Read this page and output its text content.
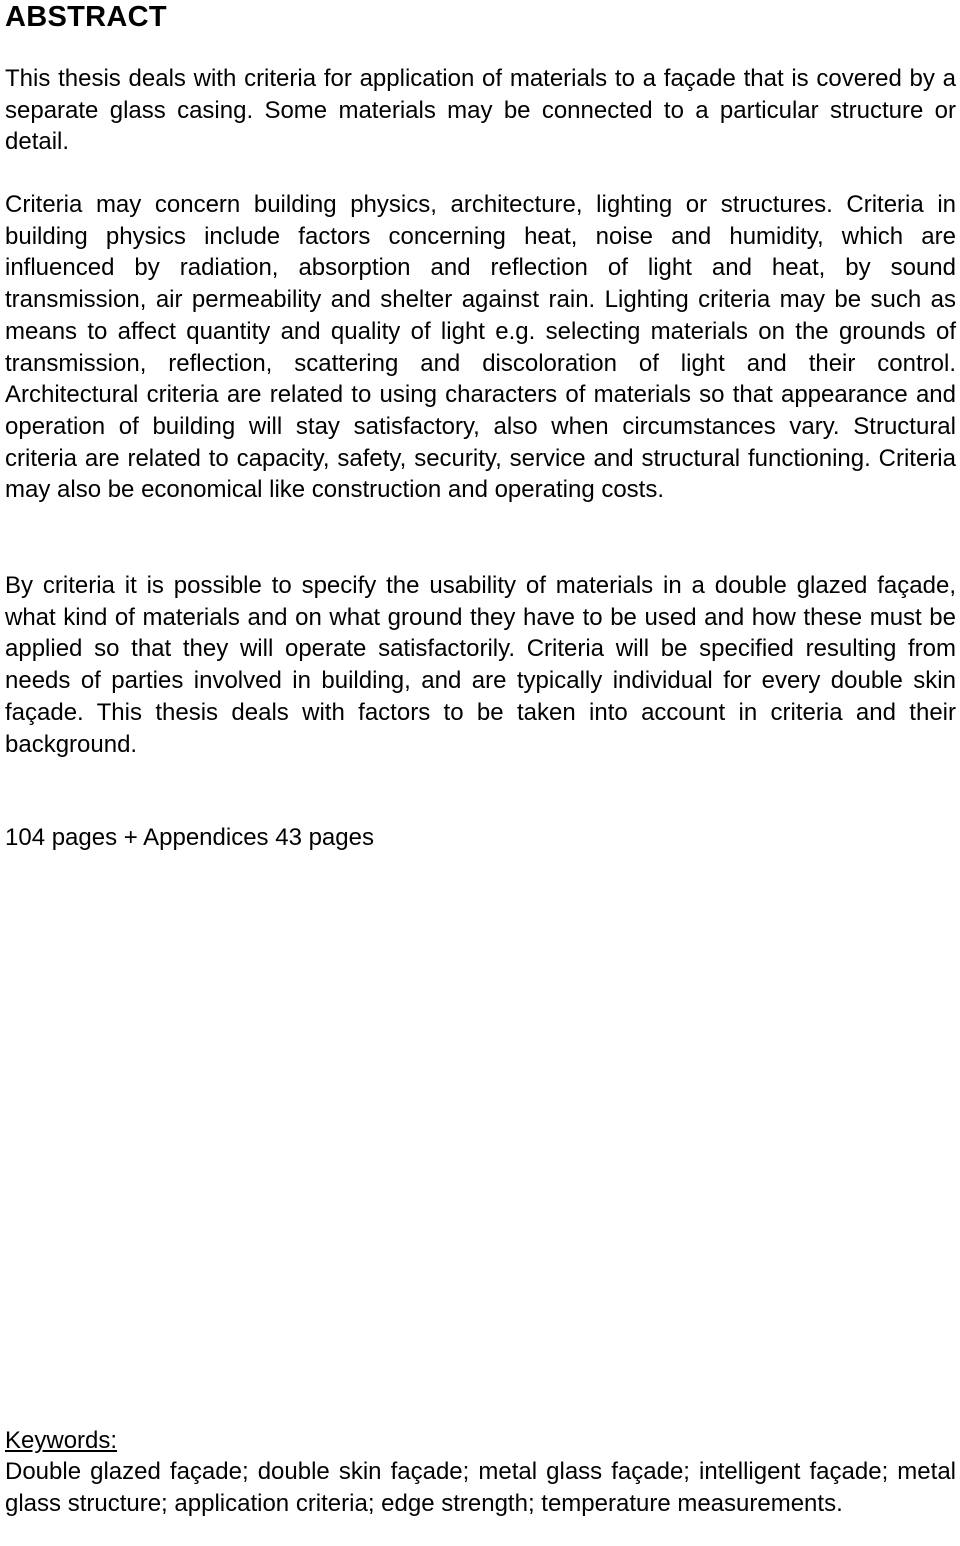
ABSTRACT

This thesis deals with criteria for application of materials to a façade that is covered by a separate glass casing. Some materials may be connected to a particular structure or detail.

Criteria may concern building physics, architecture, lighting or structures. Criteria in building physics include factors concerning heat, noise and humidity, which are influenced by radiation, absorption and reflection of light and heat, by sound transmission, air permeability and shelter against rain. Lighting criteria may be such as means to affect quantity and quality of light e.g. selecting materials on the grounds of transmission, reflection, scattering and discoloration of light and their control. Architectural criteria are related to using characters of materials so that appearance and operation of building will stay satisfactory, also when circumstances vary. Structural criteria are related to capacity, safety, security, service and structural functioning. Criteria may also be economical like construction and operating costs.

By criteria it is possible to specify the usability of materials in a double glazed façade, what kind of materials and on what ground they have to be used and how these must be applied so that they will operate satisfactorily. Criteria will be specified resulting from needs of parties involved in building, and are typically individual for every double skin façade. This thesis deals with factors to be taken into account in criteria and their background.

104 pages + Appendices 43 pages

Keywords:

Double glazed façade; double skin façade; metal glass façade; intelligent façade; metal glass structure; application criteria; edge strength; temperature measurements.
